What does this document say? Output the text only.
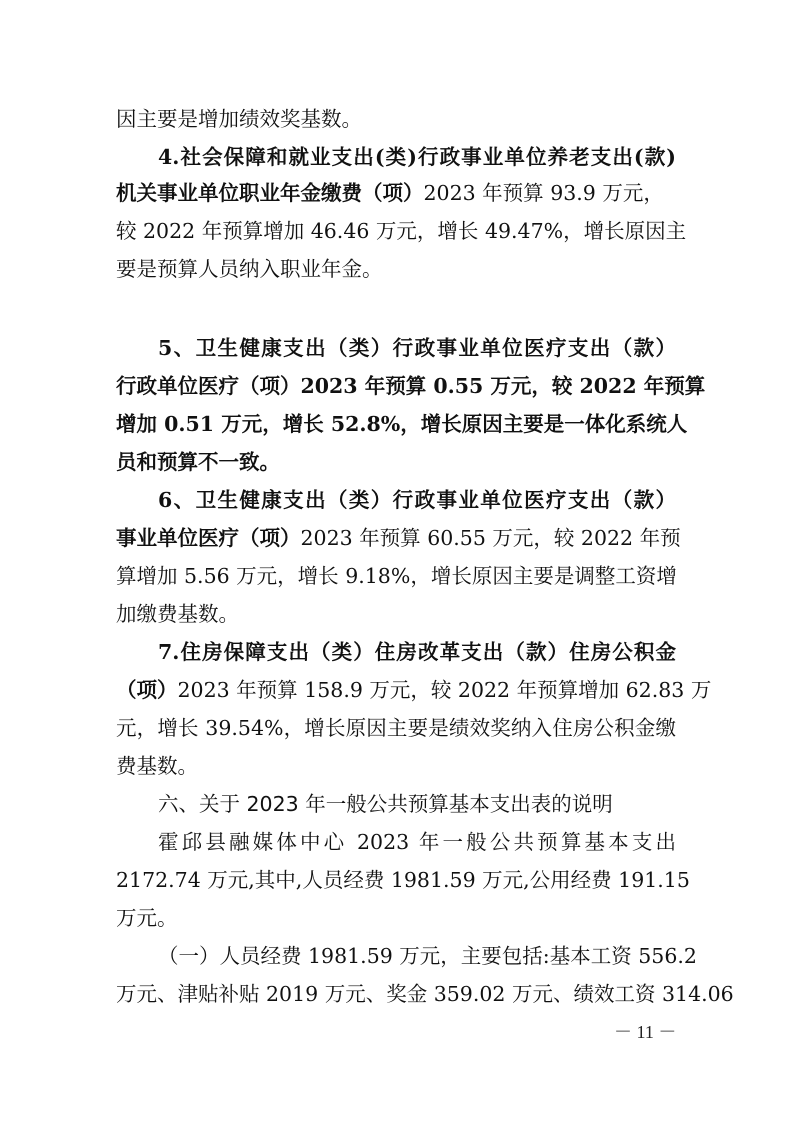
因主要是增加绩效奖基数。
4.社会保障和就业支出(类)行政事业单位养老支出(款)
机关事业单位职业年金缴费（项）2023 年预算 93.9 万元，
较 2022 年预算增加 46.46 万元，增长 49.47%，增长原因主
要是预算人员纳入职业年金。
5、卫生健康支出（类）行政事业单位医疗支出（款）
行政单位医疗（项）2023 年预算 0.55 万元，较 2022 年预算
增加 0.51 万元，增长 52.8%，增长原因主要是一体化系统人
员和预算不一致。
6、卫生健康支出（类）行政事业单位医疗支出（款）
事业单位医疗（项）2023 年预算 60.55 万元，较 2022 年预
算增加 5.56 万元，增长 9.18%，增长原因主要是调整工资增
加缴费基数。
7.住房保障支出（类）住房改革支出（款）住房公积金
（项）2023 年预算 158.9 万元，较 2022 年预算增加 62.83 万
元，增长 39.54%，增长原因主要是绩效奖纳入住房公积金缴
费基数。
六、关于 2023 年一般公共预算基本支出表的说明
霍邱县融媒体中心 2023 年一般公共预算基本支出
2172.74 万元,其中,人员经费 1981.59 万元,公用经费 191.15
万元。
（一）人员经费 1981.59 万元，主要包括:基本工资 556.2
万元、津贴补贴 2019 万元、奖金 359.02 万元、绩效工资 314.06
－ 11 －
